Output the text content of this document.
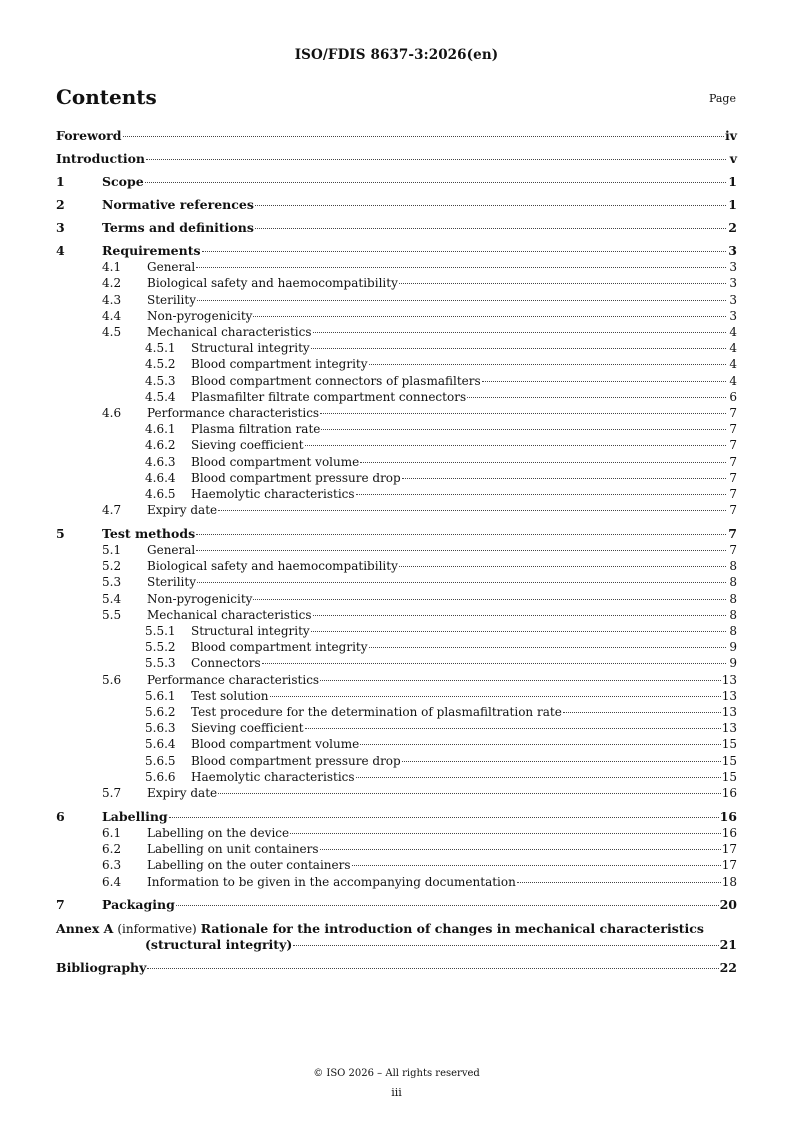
ISO/FDIS 8637-3:2026(en)
Contents	Page
Foreword	iv
Introduction	v
1	Scope	1
2	Normative references	1
3	Terms and definitions	2
4	Requirements	3
4.1	General	3
4.2	Biological safety and haemocompatibility	3
4.3	Sterility	3
4.4	Non-pyrogenicity	3
4.5	Mechanical characteristics	4
4.5.1	Structural integrity	4
4.5.2	Blood compartment integrity	4
4.5.3	Blood compartment connectors of plasmafilters	4
4.5.4	Plasmafilter filtrate compartment connectors	6
4.6	Performance characteristics	7
4.6.1	Plasma filtration rate	7
4.6.2	Sieving coefficient	7
4.6.3	Blood compartment volume	7
4.6.4	Blood compartment pressure drop	7
4.6.5	Haemolytic characteristics	7
4.7	Expiry date	7
5	Test methods	7
5.1	General	7
5.2	Biological safety and haemocompatibility	8
5.3	Sterility	8
5.4	Non-pyrogenicity	8
5.5	Mechanical characteristics	8
5.5.1	Structural integrity	8
5.5.2	Blood compartment integrity	9
5.5.3	Connectors	9
5.6	Performance characteristics	13
5.6.1	Test solution	13
5.6.2	Test procedure for the determination of plasmafiltration rate	13
5.6.3	Sieving coefficient	13
5.6.4	Blood compartment volume	15
5.6.5	Blood compartment pressure drop	15
5.6.6	Haemolytic characteristics	15
5.7	Expiry date	16
6	Labelling	16
6.1	Labelling on the device	16
6.2	Labelling on unit containers	17
6.3	Labelling on the outer containers	17
6.4	Information to be given in the accompanying documentation	18
7	Packaging	20
Annex A (informative) Rationale for the introduction of changes in mechanical characteristics
(structural integrity)	21
Bibliography	22
© ISO 2026 – All rights reserved
iii
